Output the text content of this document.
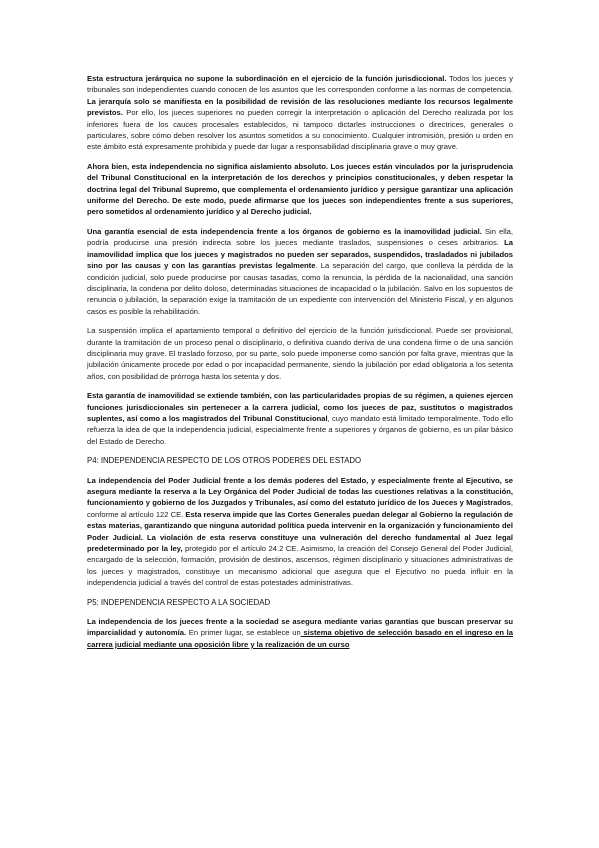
Esta estructura jerárquica no supone la subordinación en el ejercicio de la función jurisdiccional. Todos los jueces y tribunales son independientes cuando conocen de los asuntos que les corresponden conforme a las normas de competencia. La jerarquía solo se manifiesta en la posibilidad de revisión de las resoluciones mediante los recursos legalmente previstos. Por ello, los jueces superiores no pueden corregir la interpretación o aplicación del Derecho realizada por los inferiores fuera de los cauces procesales establecidos, ni tampoco dictarles instrucciones o directrices, generales o particulares, sobre cómo deben resolver los asuntos sometidos a su conocimiento. Cualquier intromisión, presión u orden en este ámbito está expresamente prohibida y puede dar lugar a responsabilidad disciplinaria grave o muy grave.

Ahora bien, esta independencia no significa aislamiento absoluto. Los jueces están vinculados por la jurisprudencia del Tribunal Constitucional en la interpretación de los derechos y principios constitucionales, y deben respetar la doctrina legal del Tribunal Supremo, que complementa el ordenamiento jurídico y persigue garantizar una aplicación uniforme del Derecho. De este modo, puede afirmarse que los jueces son independientes frente a sus superiores, pero sometidos al ordenamiento jurídico y al Derecho judicial.

Una garantía esencial de esta independencia frente a los órganos de gobierno es la inamovilidad judicial. Sin ella, podría producirse una presión indirecta sobre los jueces mediante traslados, suspensiones o ceses arbitrarios. La inamovilidad implica que los jueces y magistrados no pueden ser separados, suspendidos, trasladados ni jubilados sino por las causas y con las garantías previstas legalmente. La separación del cargo, que conlleva la pérdida de la condición judicial, solo puede producirse por causas tasadas, como la renuncia, la pérdida de la nacionalidad, una sanción disciplinaria, la condena por delito doloso, determinadas situaciones de incapacidad o la jubilación. Salvo en los supuestos de renuncia o jubilación, la separación exige la tramitación de un expediente con intervención del Ministerio Fiscal, y en algunos casos es posible la rehabilitación.

La suspensión implica el apartamiento temporal o definitivo del ejercicio de la función jurisdiccional. Puede ser provisional, durante la tramitación de un proceso penal o disciplinario, o definitiva cuando deriva de una condena firme o de una sanción disciplinaria muy grave. El traslado forzoso, por su parte, solo puede imponerse como sanción por falta grave, mientras que la jubilación únicamente procede por edad o por incapacidad permanente, siendo la jubilación por edad obligatoria a los setenta años, con posibilidad de prórroga hasta los setenta y dos.

Esta garantía de inamovilidad se extiende también, con las particularidades propias de su régimen, a quienes ejercen funciones jurisdiccionales sin pertenecer a la carrera judicial, como los jueces de paz, sustitutos o magistrados suplentes, así como a los magistrados del Tribunal Constitucional, cuyo mandato está limitado temporalmente. Todo ello refuerza la idea de que la independencia judicial, especialmente frente a superiores y órganos de gobierno, es un pilar básico del Estado de Derecho.

P4: INDEPENDENCIA RESPECTO DE LOS OTROS PODERES DEL ESTADO

La independencia del Poder Judicial frente a los demás poderes del Estado, y especialmente frente al Ejecutivo, se asegura mediante la reserva a la Ley Orgánica del Poder Judicial de todas las cuestiones relativas a la constitución, funcionamiento y gobierno de los Juzgados y Tribunales, así como del estatuto jurídico de los Jueces y Magistrados, conforme al artículo 122 CE. Esta reserva impide que las Cortes Generales puedan delegar al Gobierno la regulación de estas materias, garantizando que ninguna autoridad política pueda intervenir en la organización y funcionamiento del Poder Judicial. La violación de esta reserva constituye una vulneración del derecho fundamental al Juez legal predeterminado por la ley, protegido por el artículo 24.2 CE. Asimismo, la creación del Consejo General del Poder Judicial, encargado de la selección, formación, provisión de destinos, ascensos, régimen disciplinario y situaciones administrativas de los jueces y magistrados, constituye un mecanismo adicional que asegura que el Ejecutivo no pueda influir en la independencia judicial a través del control de estas potestades administrativas.

P5: INDEPENDENCIA RESPECTO A LA SOCIEDAD

La independencia de los jueces frente a la sociedad se asegura mediante varias garantías que buscan preservar su imparcialidad y autonomía. En primer lugar, se establece un sistema objetivo de selección basado en el ingreso en la carrera judicial mediante una oposición libre y la realización de un curso
